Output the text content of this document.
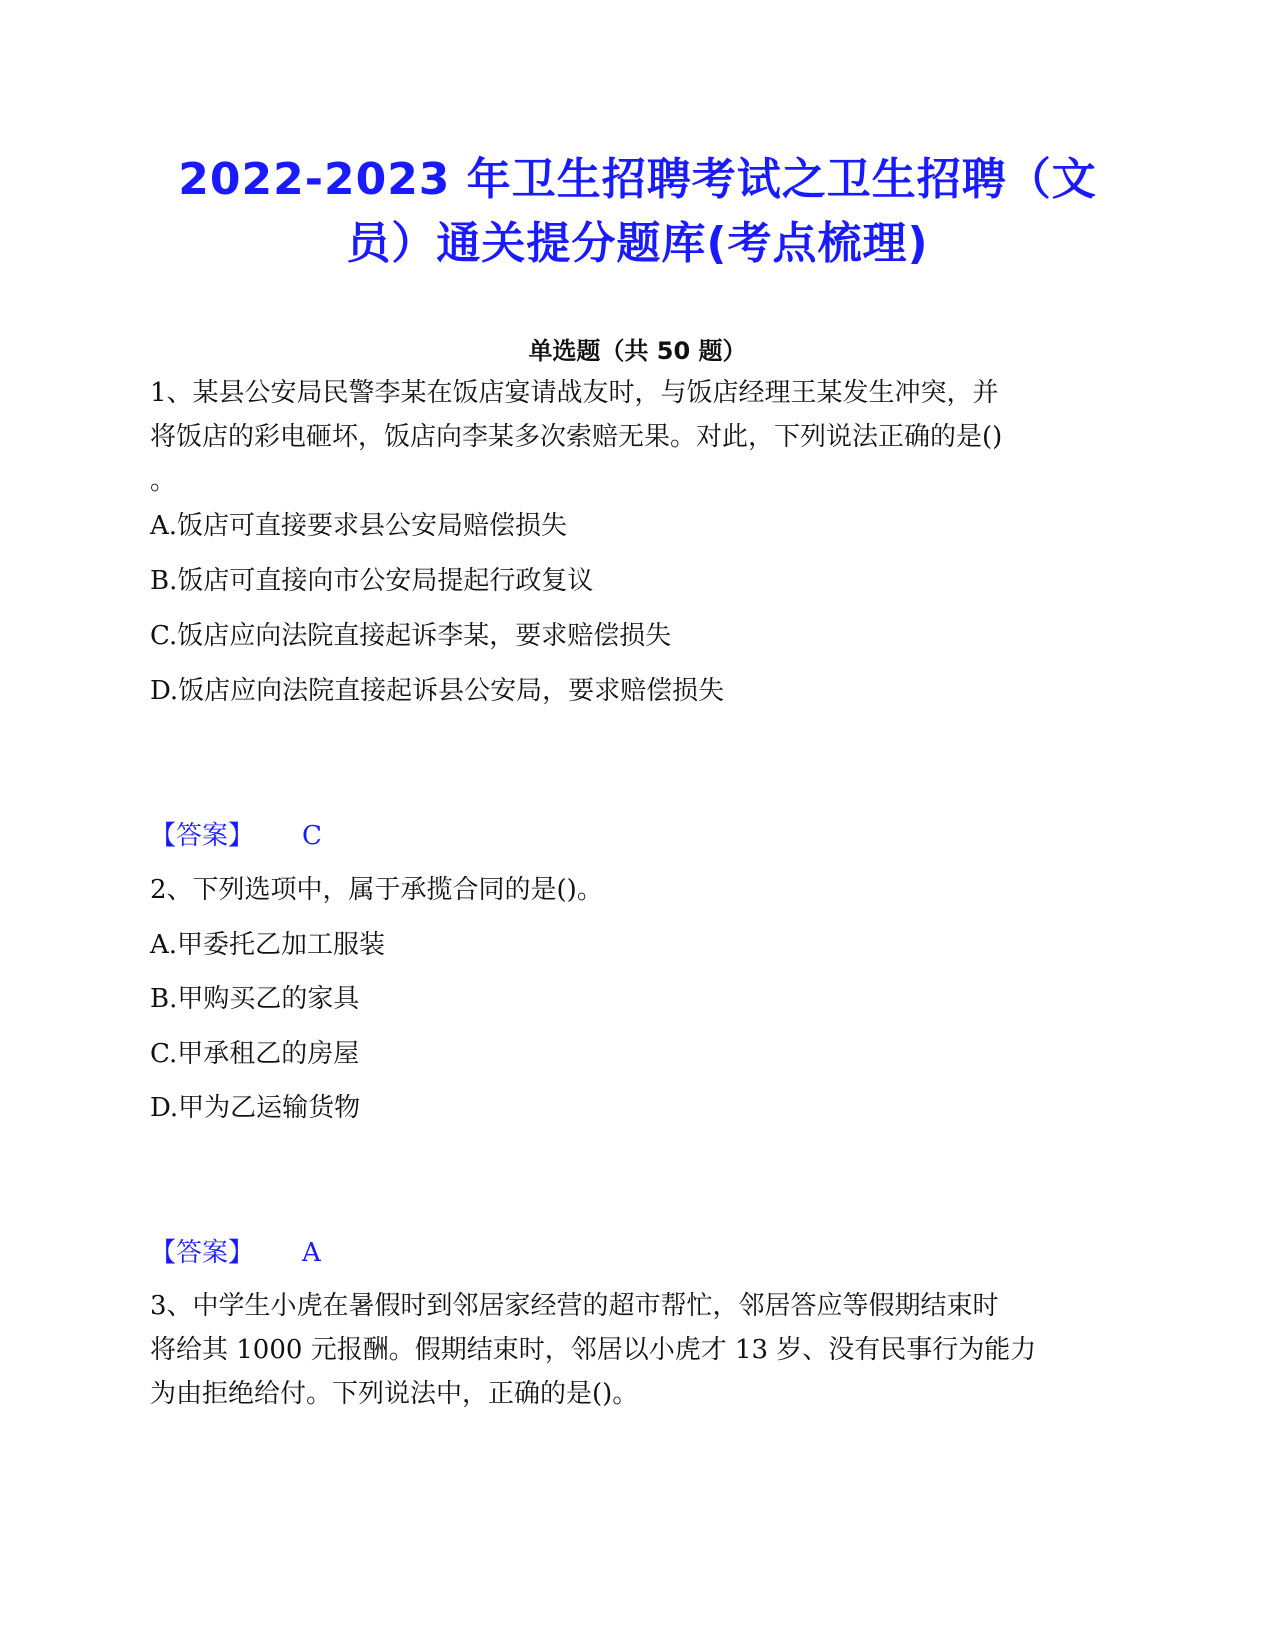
2022-2023 年卫生招聘考试之卫生招聘（文
员）通关提分题库(考点梳理)
单选题（共 50 题）
1、某县公安局民警李某在饭店宴请战友时，与饭店经理王某发生冲突，并
将饭店的彩电砸坏，饭店向李某多次索赔无果。对此，下列说法正确的是()
。
A.饭店可直接要求县公安局赔偿损失
B.饭店可直接向市公安局提起行政复议
C.饭店应向法院直接起诉李某，要求赔偿损失
D.饭店应向法院直接起诉县公安局，要求赔偿损失
【答案】 C
2、下列选项中，属于承揽合同的是()。
A.甲委托乙加工服装
B.甲购买乙的家具
C.甲承租乙的房屋
D.甲为乙运输货物
【答案】 A
3、中学生小虎在暑假时到邻居家经营的超市帮忙，邻居答应等假期结束时
将给其 1000 元报酬。假期结束时，邻居以小虎才 13 岁、没有民事行为能力
为由拒绝给付。下列说法中，正确的是()。
